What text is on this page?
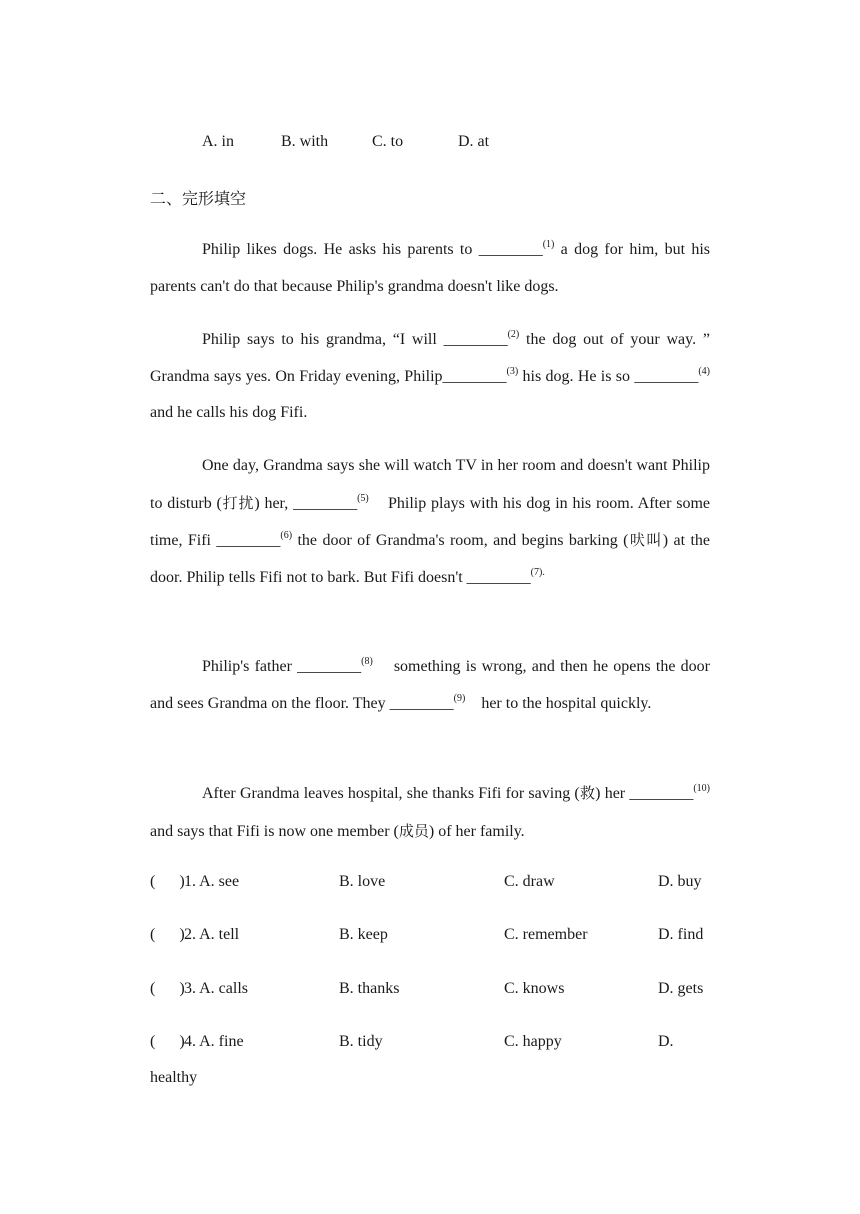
A. in	B. with	C. to	D. at
二、完形填空
Philip likes dogs. He asks his parents to ________$^{(1)}$ a dog for him, but his parents can't do that because Philip's grandma doesn't like dogs.
Philip says to his grandma, “I will ________$^{(2)}$ the dog out of your way. ” Grandma says yes. On Friday evening, Philip________$^{(3)}$ his dog. He is so ________$^{(4)}$ and he calls his dog Fifi.
One day, Grandma says she will watch TV in her room and doesn't want Philip to disturb (打扰) her, ________$^{(5)}$    Philip plays with his dog in his room. After some time, Fifi ________$^{(6)}$ the door of Grandma's room, and begins barking (吠叫) at the door. Philip tells Fifi not to bark. But Fifi doesn't ________$^{(7).}$
Philip's father ________$^{(8)}$    something is wrong, and then he opens the door and sees Grandma on the floor. They ________$^{(9)}$    her to the hospital quickly.
After Grandma leaves hospital, she thanks Fifi for saving (救) her ________$^{(10)}$ and says that Fifi is now one member (成员) of her family.
(      ) 1. A. see	B. love	C. draw	D. buy
(      ) 2. A. tell	B. keep	C. remember	D. find
(      ) 3. A. calls	B. thanks	C. knows	D. gets
(      ) 4. A. fine	B. tidy	C. happy	D.
healthy
